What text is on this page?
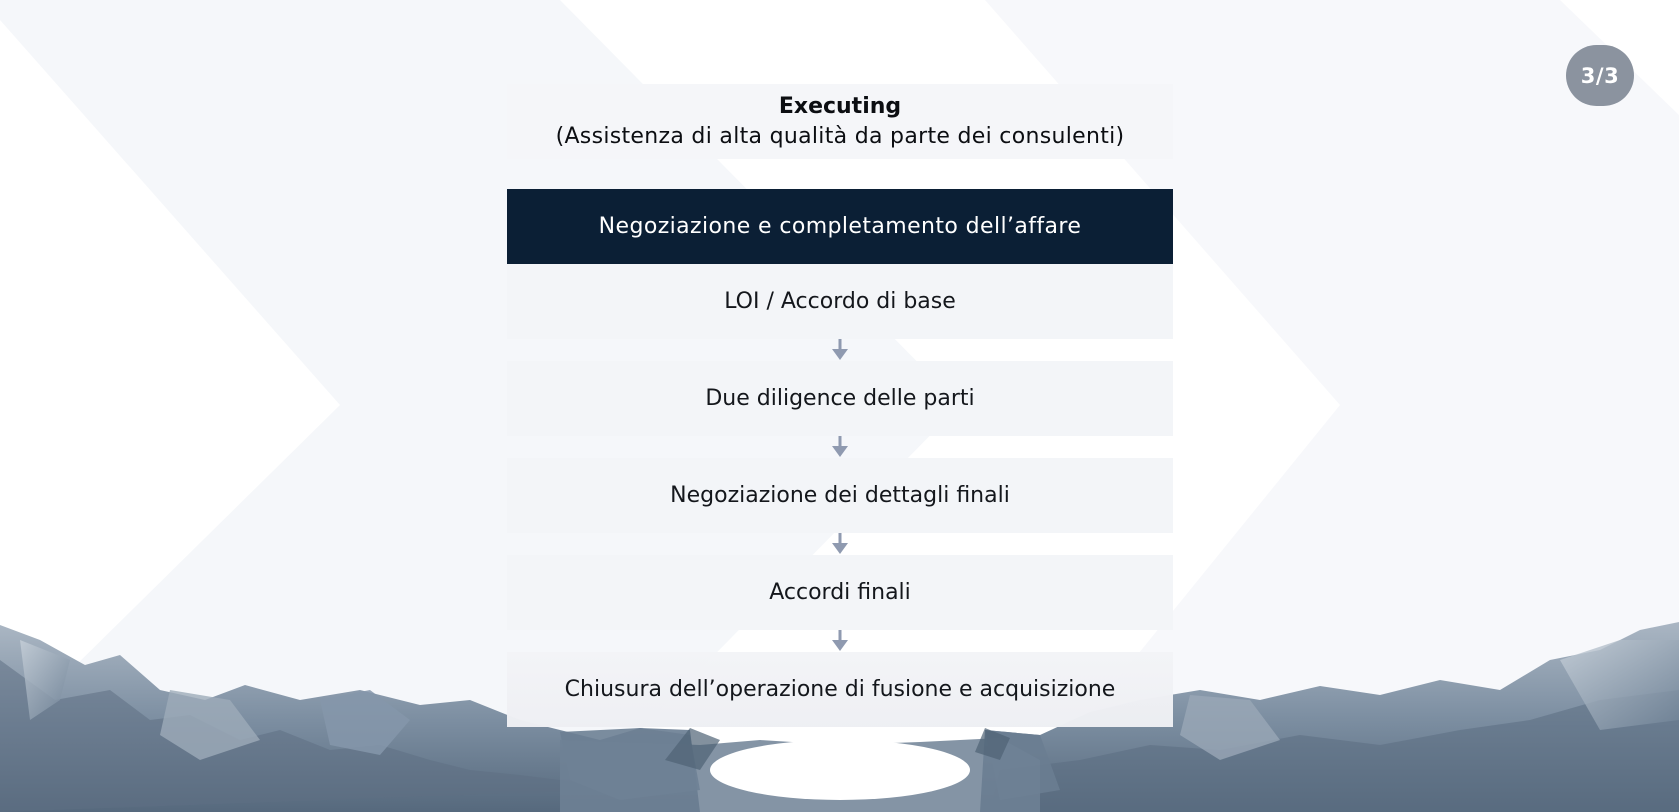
3/3
Executing
(Assistenza di alta qualità da parte dei consulenti)
Negoziazione e completamento dell’affare
LOI / Accordo di base
Due diligence delle parti
Negoziazione dei dettagli finali
Accordi finali
Chiusura dell’operazione di fusione e acquisizione
